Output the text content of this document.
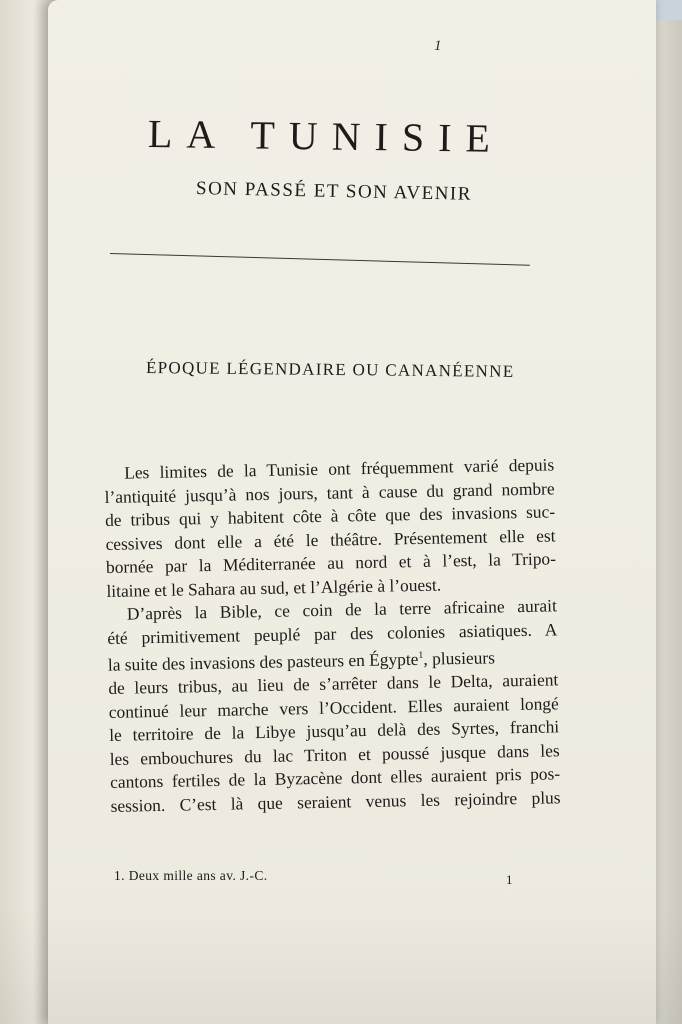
1
LA TUNISIE
SON PASSÉ ET SON AVENIR
ÉPOQUE LÉGENDAIRE OU CANANÉENNE
Les limites de la Tunisie ont fréquemment varié depuis
l’antiquité jusqu’à nos jours, tant à cause du grand nombre
de tribus qui y habitent côte à côte que des invasions suc-
cessives dont elle a été le théâtre. Présentement elle est
bornée par la Méditerranée au nord et à l’est, la Tripo-
litaine et le Sahara au sud, et l’Algérie à l’ouest.
D’après la Bible, ce coin de la terre africaine aurait
été primitivement peuplé par des colonies asiatiques. A
la suite des invasions des pasteurs en Égypte$^1$, plusieurs
de leurs tribus, au lieu de s’arrêter dans le Delta, auraient
continué leur marche vers l’Occident. Elles auraient longé
le territoire de la Libye jusqu’au delà des Syrtes, franchi
les embouchures du lac Triton et poussé jusque dans les
cantons fertiles de la Byzacène dont elles auraient pris pos-
session. C’est là que seraient venus les rejoindre plus
1. Deux mille ans av. J.-C.	1
